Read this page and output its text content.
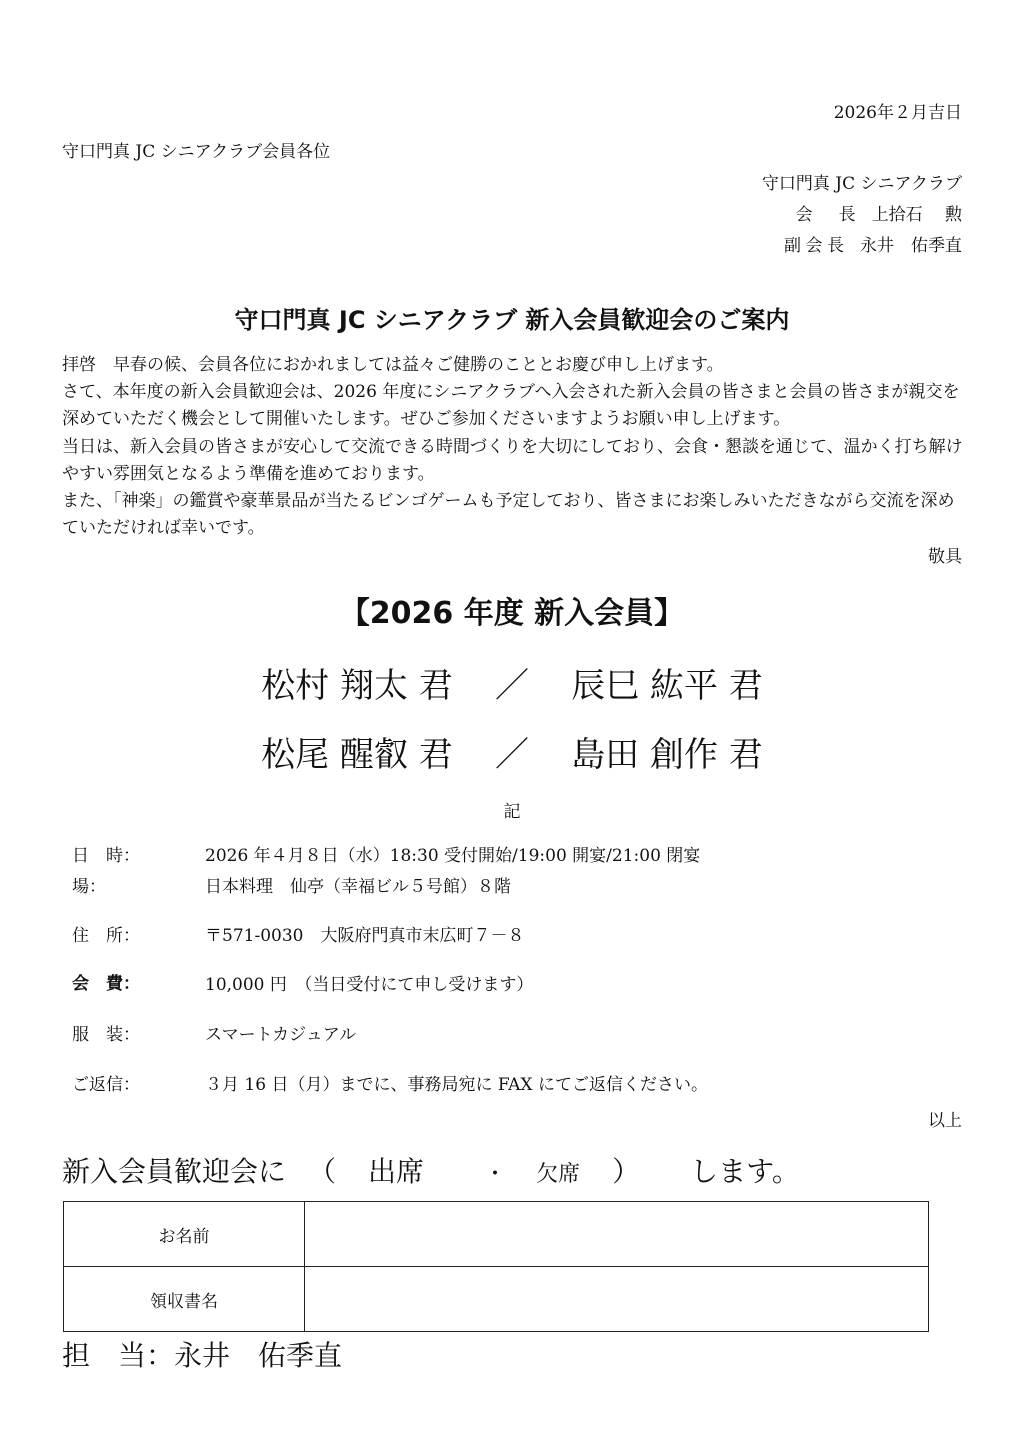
2026年２月吉日
守口門真 JC シニアクラブ会員各位
守口門真 JC シニアクラブ
会　長 上拾石　 勲
副会長 永井　佑季直
守口門真 JC シニアクラブ 新入会員歓迎会のご案内

拝啓　早春の候、会員各位におかれましては益々ご健勝のこととお慶び申し上げます。

さて、本年度の新入会員歓迎会は、2026 年度にシニアクラブへ入会された新入会員の皆さまと会員の皆さまが親交を深めていただく機会として開催いたします。ぜひご参加くださいますようお願い申し上げます。

当日は、新入会員の皆さまが安心して交流できる時間づくりを大切にしており、会食・懇談を通じて、温かく打ち解けやすい雰囲気となるよう準備を進めております。

また、「神楽」の鑑賞や豪華景品が当たるビンゴゲームも予定しており、皆さまにお楽しみいただきながら交流を深めていただければ幸いです。

敬具
【2026 年度 新入会員】
松村 翔太 君	／	辰巳 紘平 君
松尾 醒叡 君	／	島田 創作 君
記
日　時：	2026 年４月８日（水）18:30 受付開始/19:00 開宴/21:00 閉宴
場：	日本料理　仙亭（幸福ビル５号館）８階
住　所：	〒571-0030　大阪府門真市末広町７－８
会　費：	10,000 円　（当日受付にて申し受けます）
服　装：	スマートカジュアル
ご返信：	３月 16 日（月）までに、事務局宛に FAX にてご返信ください。
以上
新入会員歓迎会に （ 出席	・ 欠席 ） します。
お名前	
領収書名	
担　当：永井　佑季直
